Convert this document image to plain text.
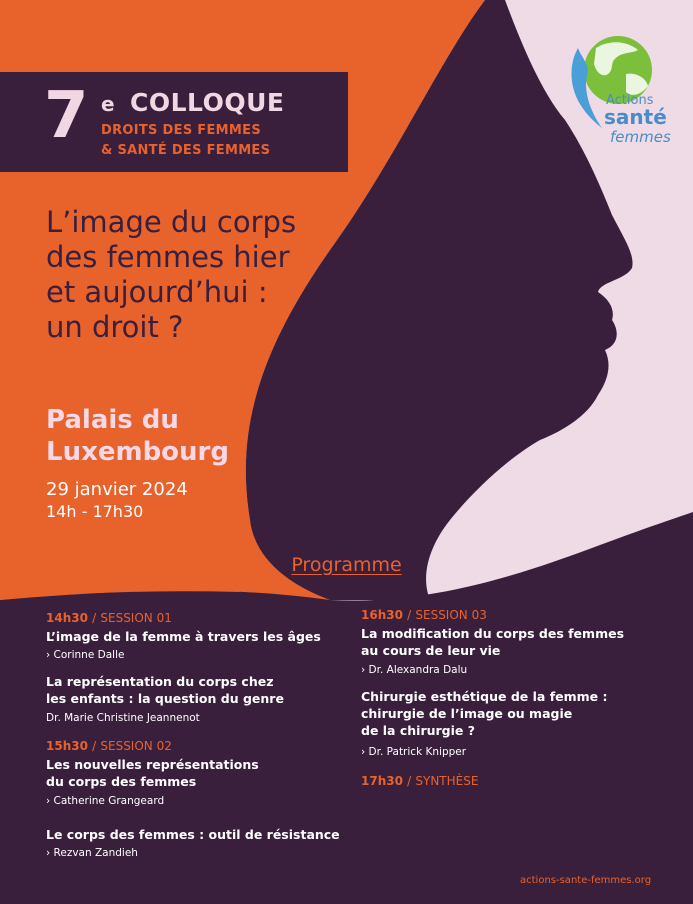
Actions

santé

femmes

7 e COLLOQUE

DROITS DES FEMMES

& SANTÉ DES FEMMES

L’image du corps
des femmes hier
et aujourd’hui :
un droit ?
Palais du
Luxembourg

29 janvier 2024

14h - 17h30

Programme

14h30 / SESSION 01

L’image de la femme à travers les âges

› Corinne Dalle

La représentation du corps chez
les enfants : la question du genre

Dr. Marie Christine Jeannenot

15h30 / SESSION 02

Les nouvelles représentations
du corps des femmes

› Catherine Grangeard

Le corps des femmes : outil de résistance

› Rezvan Zandieh

16h30 / SESSION 03

La modification du corps des femmes
au cours de leur vie

› Dr. Alexandra Dalu

Chirurgie esthétique de la femme :
chirurgie de l’image ou magie
de la chirurgie ?

› Dr. Patrick Knipper

17h30 / SYNTHÈSE

actions-sante-femmes.org
